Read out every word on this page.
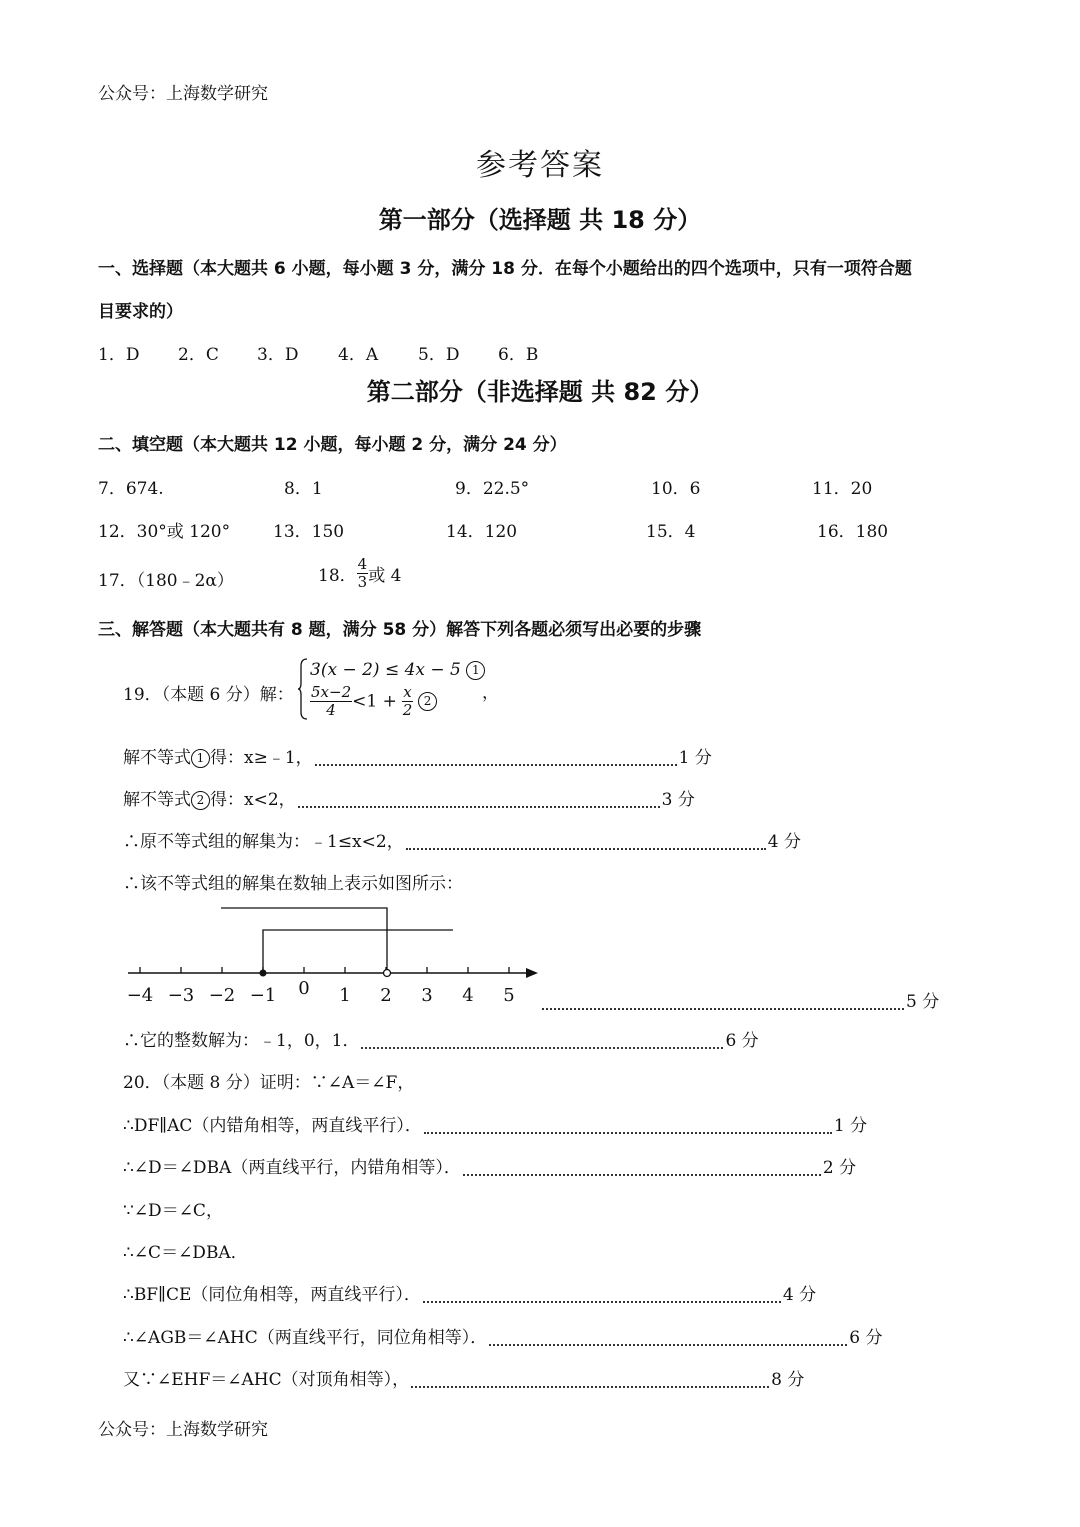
公众号：上海数学研究
参考答案
第一部分（选择题 共 18 分）
一、选择题（本大题共 6 小题，每小题 3 分，满分 18 分．在每个小题给出的四个选项中，只有一项符合题
目要求的）
1．D 2．C 3．D 4．A 5．D 6．B
第二部分（非选择题 共 82 分）
二、填空题（本大题共 12 小题，每小题 2 分，满分 24 分）
7．674.	8．1	9．22.5°	10．6	11．20
12．30°或 120°	13．150	14．120	15．4	16．180
17．（180﹣2α）	18． $\frac{4}{3}$ 或 4
三、解答题（本大题共有 8 题，满分 58 分）解答下列各题必须写出必要的步骤
19．（本题 6 分）解：
3(x − 2) ≤ 4x − 5 1
$\frac{5x-2}{4} <1 + \frac{x}{2} 2$	，
解不等式 1 得：x≥﹣1，	1 分
解不等式 2 得：x<2，	3 分
∴原不等式组的解集为：﹣1≤x<2，	4 分
∴该不等式组的解集在数轴上表示如图所示：
−4 −3 −2 −1 0 1 2 3 4 5	5 分
∴它的整数解为：﹣1，0，1．	6 分
20．（本题 8 分）证明：∵∠A＝∠F，
∴DF∥AC（内错角相等，两直线平行）．	1 分
∴∠D＝∠DBA（两直线平行，内错角相等）．	2 分
∵∠D＝∠C，
∴∠C＝∠DBA．
∴BF∥CE（同位角相等，两直线平行）．	4 分
∴∠AGB＝∠AHC（两直线平行，同位角相等）．	6 分
又∵∠EHF＝∠AHC（对顶角相等），	8 分
公众号：上海数学研究
